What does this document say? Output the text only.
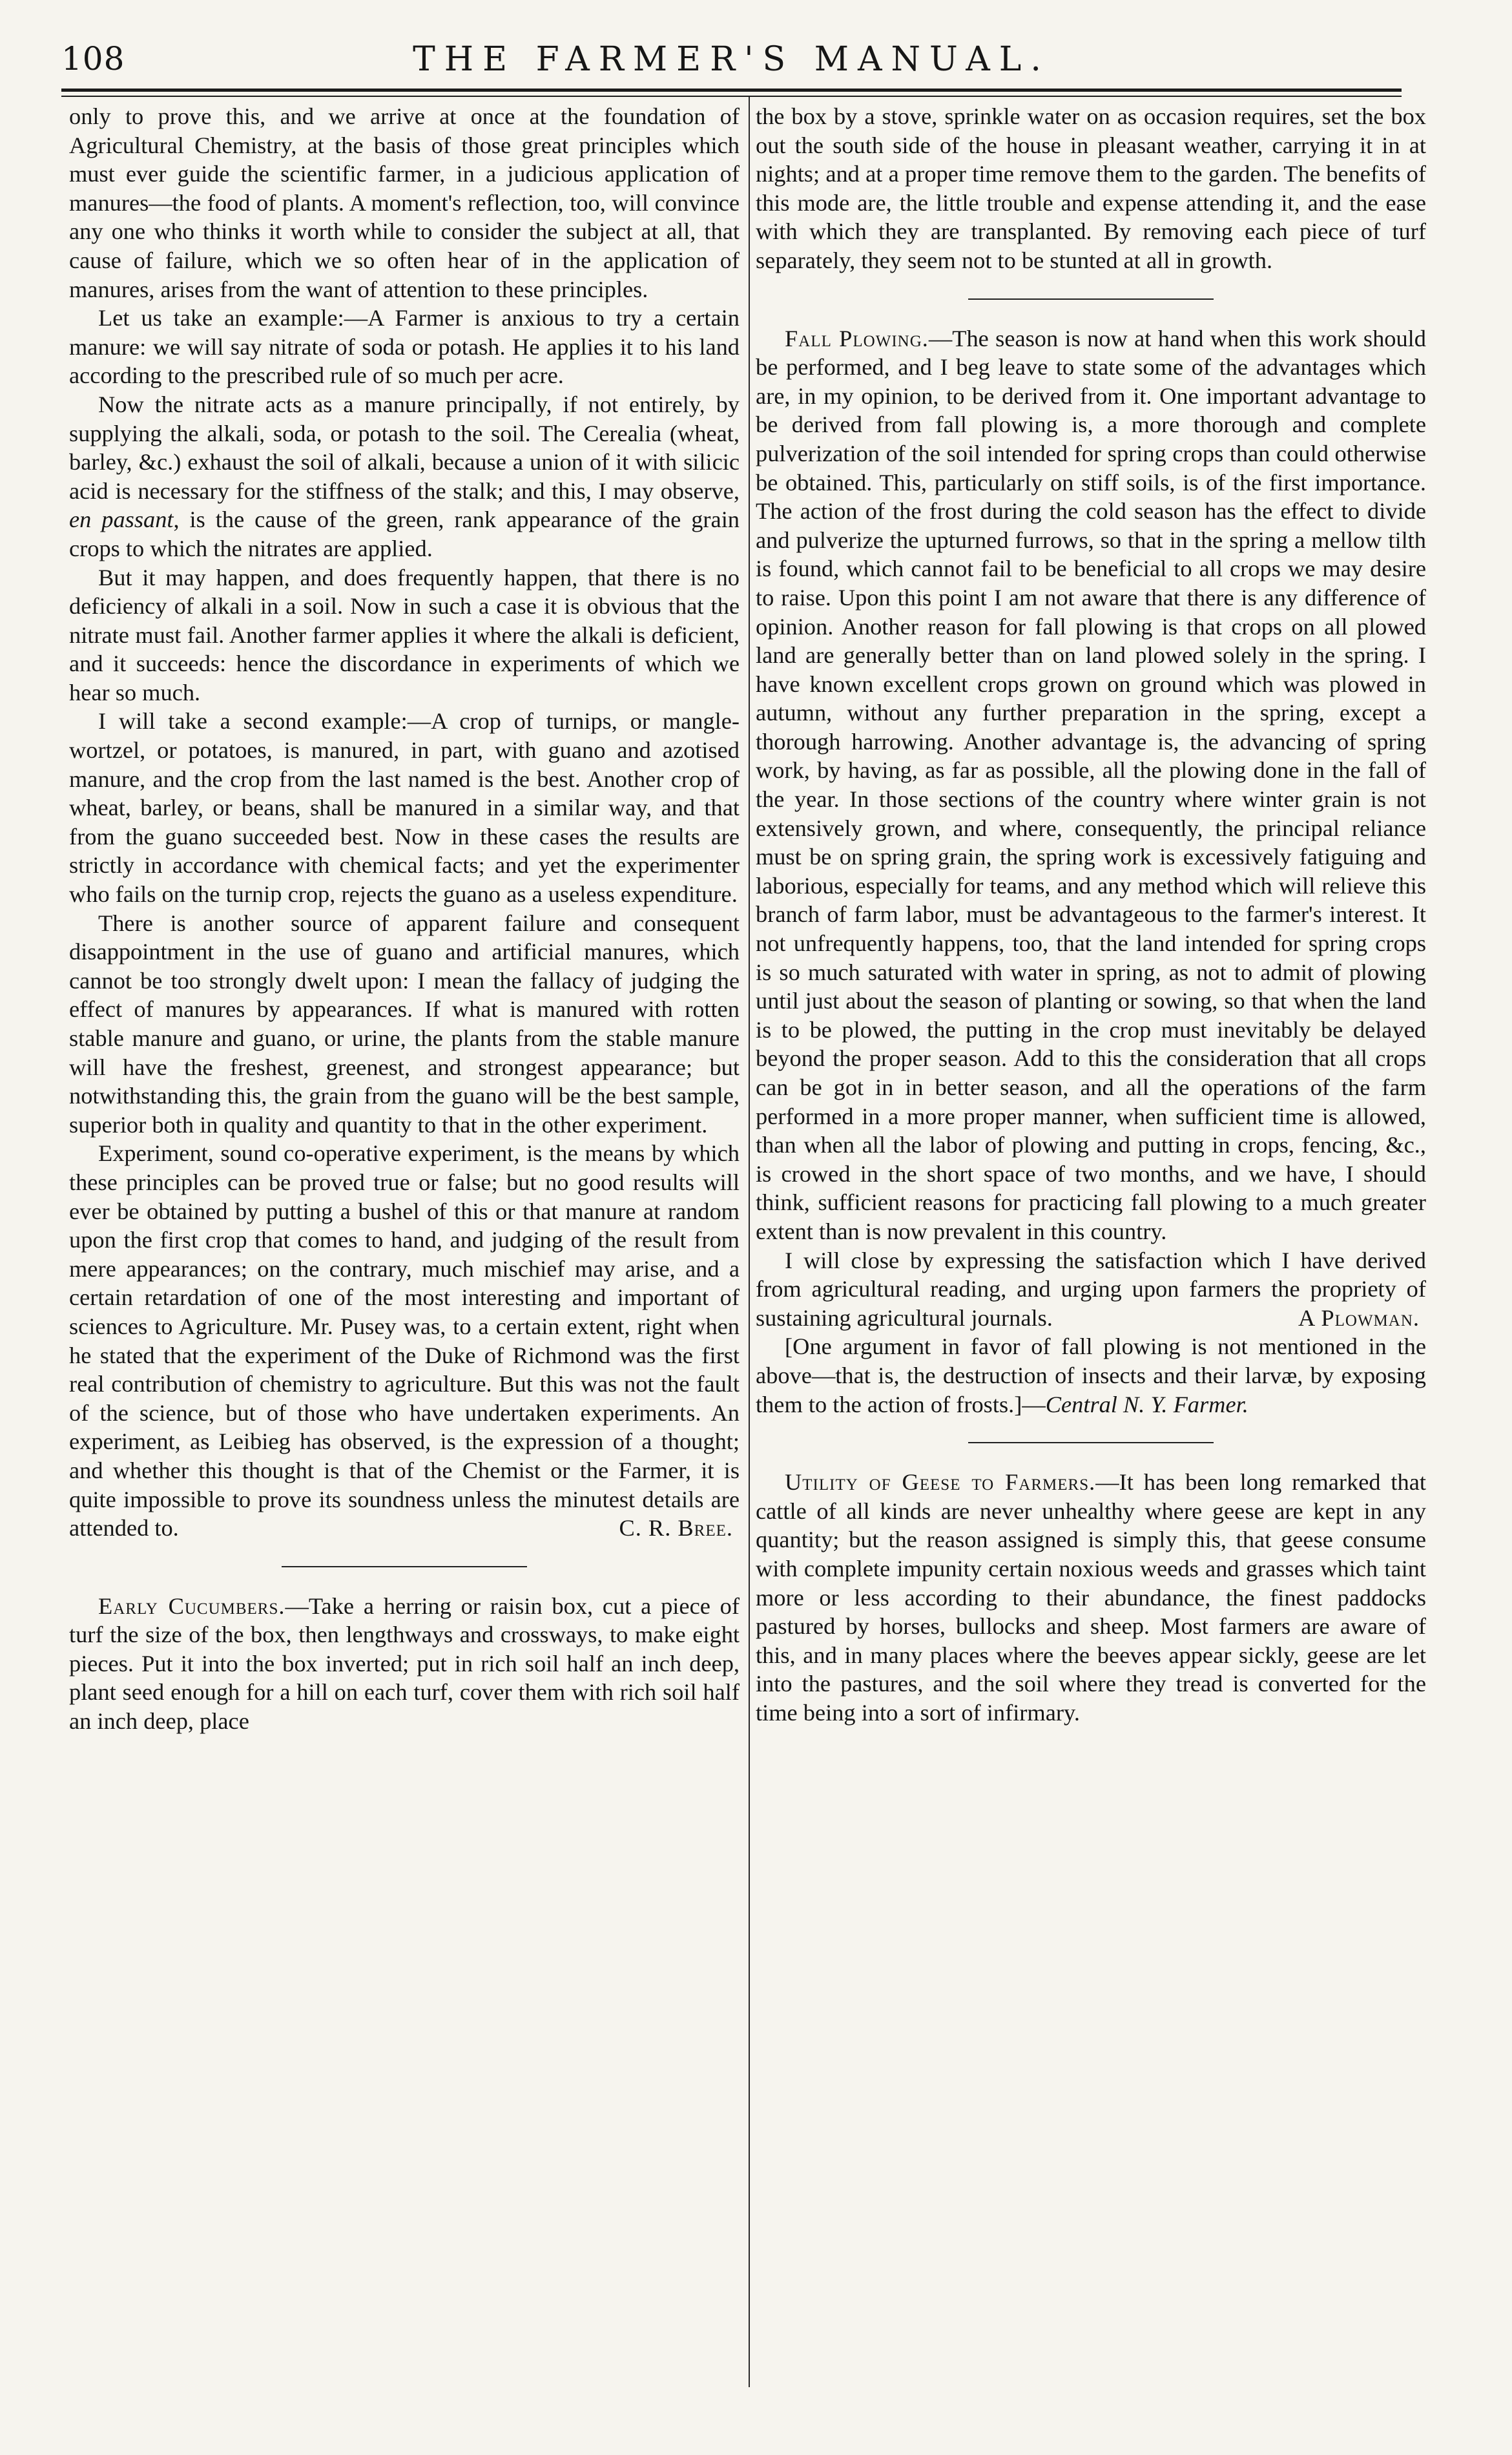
108	THE FARMER'S MANUAL.

only to prove this, and we arrive at once at the foundation of Agricultural Chemistry, at the basis of those great principles which must ever guide the scientific farmer, in a judicious application of manures—the food of plants. A moment's reflection, too, will convince any one who thinks it worth while to consider the subject at all, that cause of failure, which we so often hear of in the application of manures, arises from the want of attention to these principles.

Let us take an example:—A Farmer is anxious to try a certain manure: we will say nitrate of soda or potash. He applies it to his land according to the prescribed rule of so much per acre.

Now the nitrate acts as a manure principally, if not entirely, by supplying the alkali, soda, or potash to the soil. The Cerealia (wheat, barley, &c.) exhaust the soil of alkali, because a union of it with silicic acid is necessary for the stiffness of the stalk; and this, I may observe, en passant, is the cause of the green, rank appearance of the grain crops to which the nitrates are applied.

But it may happen, and does frequently happen, that there is no deficiency of alkali in a soil. Now in such a case it is obvious that the nitrate must fail. Another farmer applies it where the alkali is deficient, and it succeeds: hence the discordance in experiments of which we hear so much.

I will take a second example:—A crop of turnips, or mangle-wortzel, or potatoes, is manured, in part, with guano and azotised manure, and the crop from the last named is the best. Another crop of wheat, barley, or beans, shall be manured in a similar way, and that from the guano succeeded best. Now in these cases the results are strictly in accordance with chemical facts; and yet the experimenter who fails on the turnip crop, rejects the guano as a useless expenditure.

There is another source of apparent failure and consequent disappointment in the use of guano and artificial manures, which cannot be too strongly dwelt upon: I mean the fallacy of judging the effect of manures by appearances. If what is manured with rotten stable manure and guano, or urine, the plants from the stable manure will have the freshest, greenest, and strongest appearance; but notwithstanding this, the grain from the guano will be the best sample, superior both in quality and quantity to that in the other experiment.

Experiment, sound co-operative experiment, is the means by which these principles can be proved true or false; but no good results will ever be obtained by putting a bushel of this or that manure at random upon the first crop that comes to hand, and judging of the result from mere appearances; on the contrary, much mischief may arise, and a certain retardation of one of the most interesting and important of sciences to Agriculture. Mr. Pusey was, to a certain extent, right when he stated that the experiment of the Duke of Richmond was the first real contribution of chemistry to agriculture. But this was not the fault of the science, but of those who have undertaken experiments. An experiment, as Leibieg has observed, is the expression of a thought; and whether this thought is that of the Chemist or the Farmer, it is quite impossible to prove its soundness unless the minutest details are attended to.	C. R. Bree.

Early Cucumbers.—Take a herring or raisin box, cut a piece of turf the size of the box, then lengthways and crossways, to make eight pieces. Put it into the box inverted; put in rich soil half an inch deep, plant seed enough for a hill on each turf, cover them with rich soil half an inch deep, place

the box by a stove, sprinkle water on as occasion requires, set the box out the south side of the house in pleasant weather, carrying it in at nights; and at a proper time remove them to the garden. The benefits of this mode are, the little trouble and expense attending it, and the ease with which they are transplanted. By removing each piece of turf separately, they seem not to be stunted at all in growth.

Fall Plowing.—The season is now at hand when this work should be performed, and I beg leave to state some of the advantages which are, in my opinion, to be derived from it. One important advantage to be derived from fall plowing is, a more thorough and complete pulverization of the soil intended for spring crops than could otherwise be obtained. This, particularly on stiff soils, is of the first importance. The action of the frost during the cold season has the effect to divide and pulverize the upturned furrows, so that in the spring a mellow tilth is found, which cannot fail to be beneficial to all crops we may desire to raise. Upon this point I am not aware that there is any difference of opinion. Another reason for fall plowing is that crops on all plowed land are generally better than on land plowed solely in the spring. I have known excellent crops grown on ground which was plowed in autumn, without any further preparation in the spring, except a thorough harrowing. Another advantage is, the advancing of spring work, by having, as far as possible, all the plowing done in the fall of the year. In those sections of the country where winter grain is not extensively grown, and where, consequently, the principal reliance must be on spring grain, the spring work is excessively fatiguing and laborious, especially for teams, and any method which will relieve this branch of farm labor, must be advantageous to the farmer's interest. It not unfrequently happens, too, that the land intended for spring crops is so much saturated with water in spring, as not to admit of plowing until just about the season of planting or sowing, so that when the land is to be plowed, the putting in the crop must inevitably be delayed beyond the proper season. Add to this the consideration that all crops can be got in in better season, and all the operations of the farm performed in a more proper manner, when sufficient time is allowed, than when all the labor of plowing and putting in crops, fencing, &c., is crowed in the short space of two months, and we have, I should think, sufficient reasons for practicing fall plowing to a much greater extent than is now prevalent in this country.

I will close by expressing the satisfaction which I have derived from agricultural reading, and urging upon farmers the propriety of sustaining agricultural journals.	A Plowman.

[One argument in favor of fall plowing is not mentioned in the above—that is, the destruction of insects and their larvæ, by exposing them to the action of frosts.]—Central N. Y. Farmer.

Utility of Geese to Farmers.—It has been long remarked that cattle of all kinds are never unhealthy where geese are kept in any quantity; but the reason assigned is simply this, that geese consume with complete impunity certain noxious weeds and grasses which taint more or less according to their abundance, the finest paddocks pastured by horses, bullocks and sheep. Most farmers are aware of this, and in many places where the beeves appear sickly, geese are let into the pastures, and the soil where they tread is converted for the time being into a sort of infirmary.
